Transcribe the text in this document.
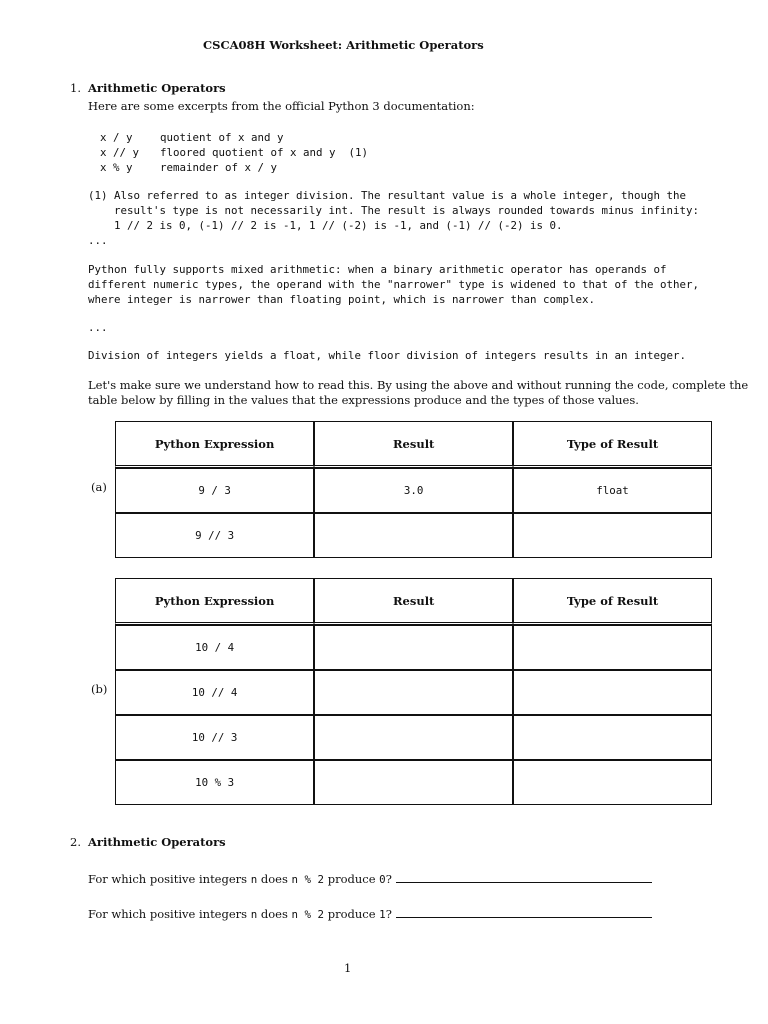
CSCA08H Worksheet: Arithmetic Operators
1. Arithmetic Operators
Here are some excerpts from the official Python 3 documentation:
x / y	quotient of x and y
x // y floored quotient of x and y  (1)
x % y	remainder of x / y
(1) Also referred to as integer division. The resultant value is a whole integer, though the
result's type is not necessarily int. The result is always rounded towards minus infinity:
1 // 2 is 0, (-1) // 2 is -1, 1 // (-2) is -1, and (-1) // (-2) is 0.
...
Python fully supports mixed arithmetic: when a binary arithmetic operator has operands of
different numeric types, the operand with the "narrower" type is widened to that of the other,
where integer is narrower than floating point, which is narrower than complex.
...
Division of integers yields a float, while floor division of integers results in an integer.
Let's make sure we understand how to read this. By using the above and without running the code, complete the
table below by filling in the values that the expressions produce and the types of those values.
(a)
Python Expression	Result	Type of Result
9 / 3	3.0	float
9 // 3		
(b)
Python Expression	Result	Type of Result
10 / 4		
10 // 4		
10 // 3		
10 % 3		
2. Arithmetic Operators
For which positive integers n does n % 2 produce 0?
For which positive integers n does n % 2 produce 1?
1
